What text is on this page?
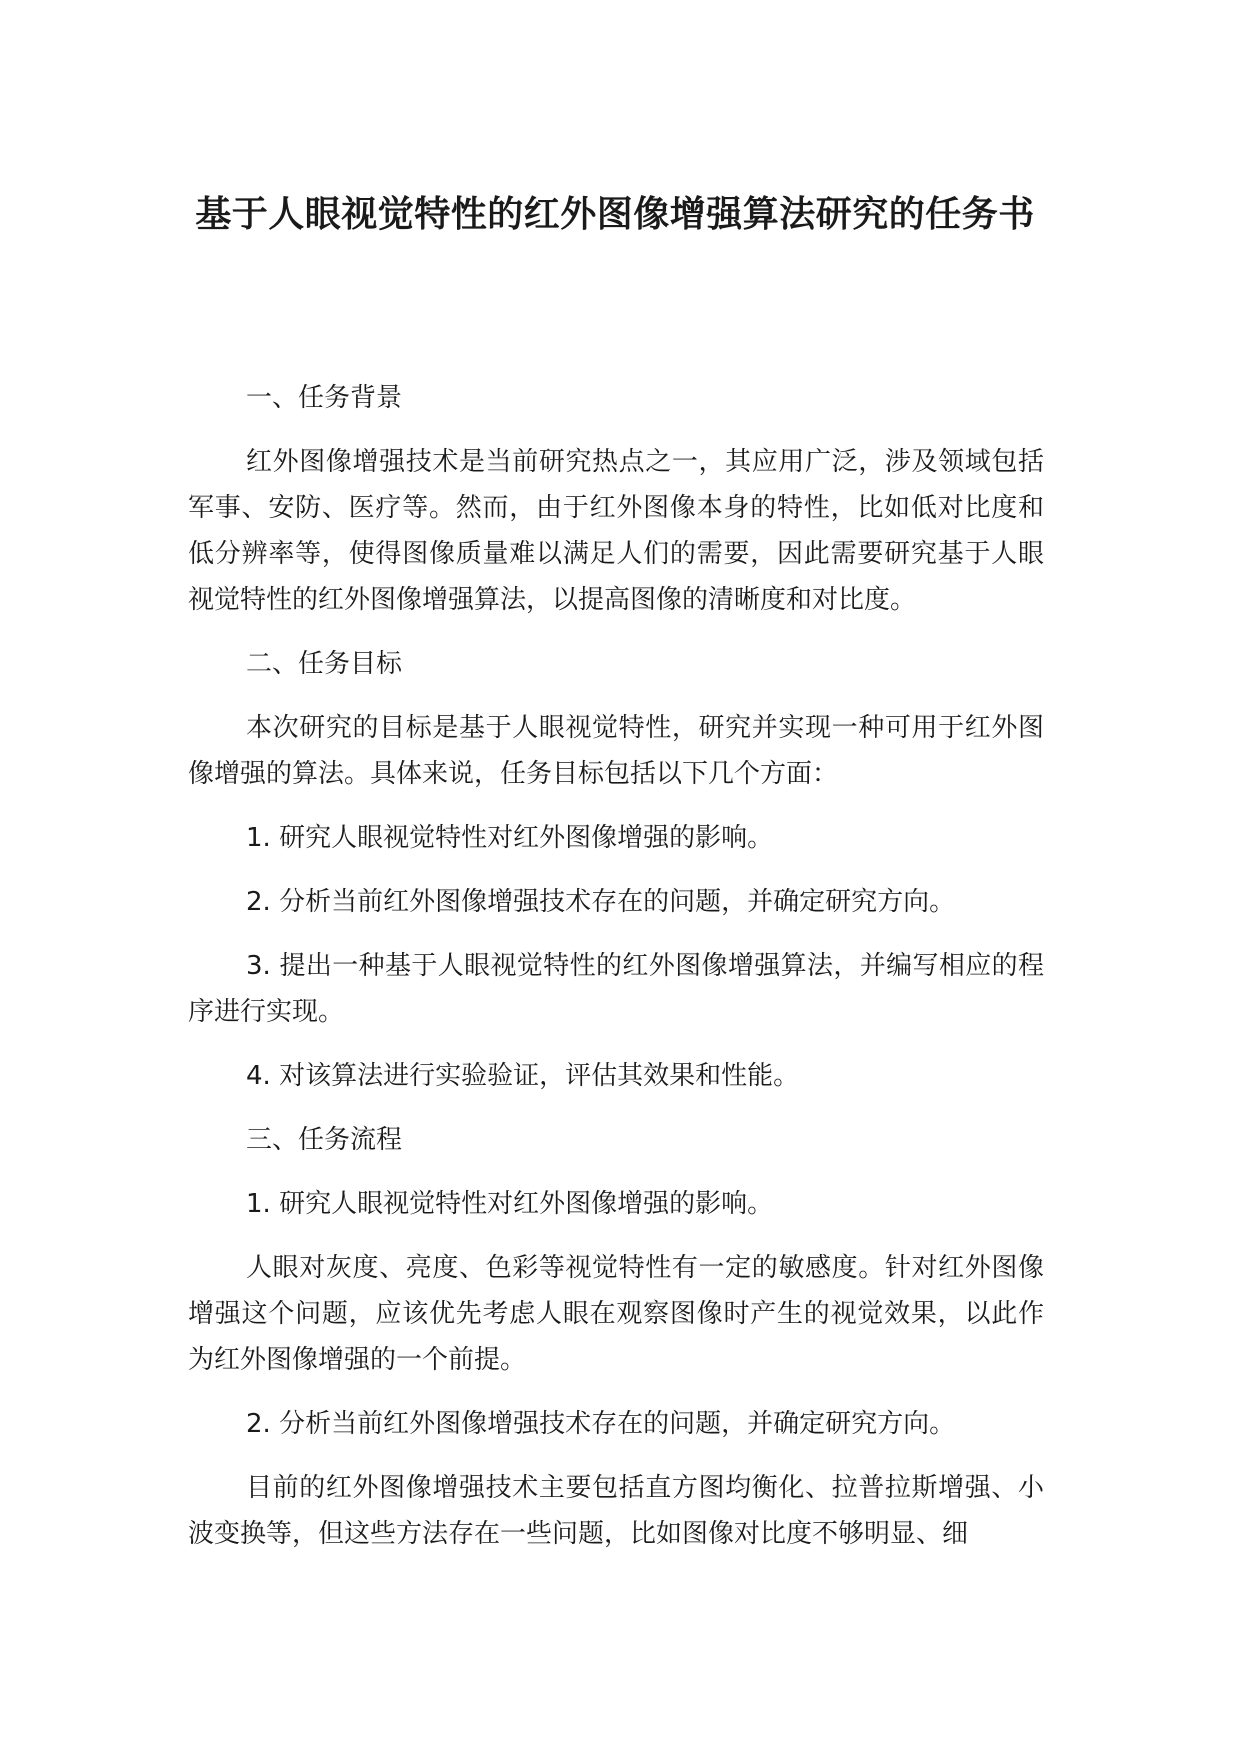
基于人眼视觉特性的红外图像增强算法研究的任务书

一、任务背景

红外图像增强技术是当前研究热点之一，其应用广泛，涉及领域包括军事、安防、医疗等。然而，由于红外图像本身的特性，比如低对比度和低分辨率等，使得图像质量难以满足人们的需要，因此需要研究基于人眼视觉特性的红外图像增强算法，以提高图像的清晰度和对比度。

二、任务目标

本次研究的目标是基于人眼视觉特性，研究并实现一种可用于红外图像增强的算法。具体来说，任务目标包括以下几个方面：

1. 研究人眼视觉特性对红外图像增强的影响。

2. 分析当前红外图像增强技术存在的问题，并确定研究方向。

3. 提出一种基于人眼视觉特性的红外图像增强算法，并编写相应的程序进行实现。

4. 对该算法进行实验验证，评估其效果和性能。

三、任务流程

1. 研究人眼视觉特性对红外图像增强的影响。

人眼对灰度、亮度、色彩等视觉特性有一定的敏感度。针对红外图像增强这个问题，应该优先考虑人眼在观察图像时产生的视觉效果，以此作为红外图像增强的一个前提。

2. 分析当前红外图像增强技术存在的问题，并确定研究方向。

目前的红外图像增强技术主要包括直方图均衡化、拉普拉斯增强、小波变换等，但这些方法存在一些问题，比如图像对比度不够明显、细
